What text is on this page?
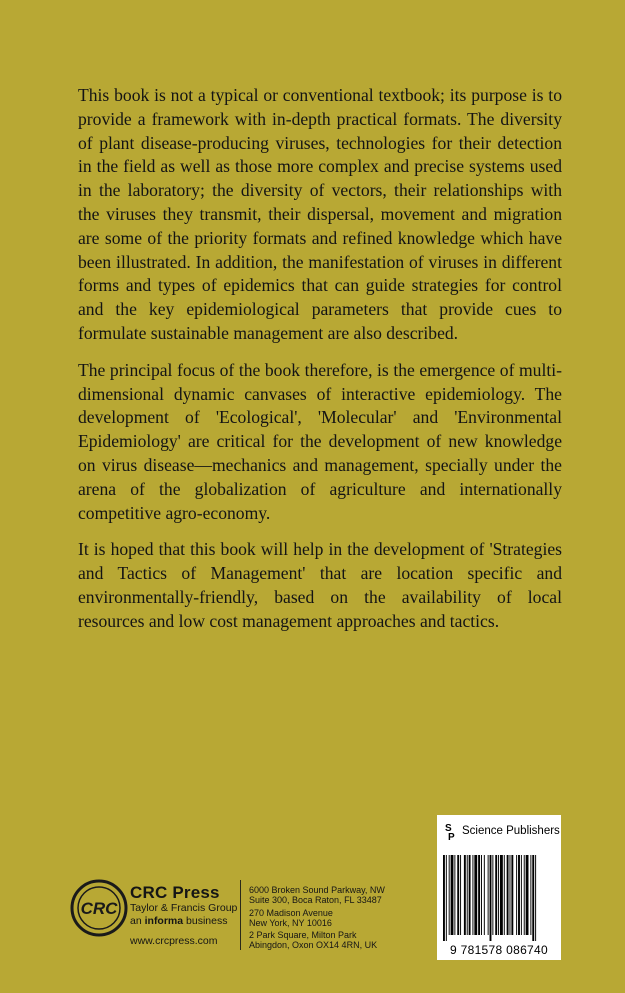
This book is not a typical or conventional textbook; its purpose is to provide a framework with in-depth practical formats. The diversity of plant disease-producing viruses, technologies for their detection in the field as well as those more complex and precise systems used in the laboratory; the diversity of vectors, their relationships with the viruses they transmit, their dispersal, movement and migration are some of the priority formats and refined knowledge which have been illustrated. In addition, the manifestation of viruses in different forms and types of epidemics that can guide strategies for control and the key epidemiological parameters that provide cues to formulate sustainable management are also described.

The principal focus of the book therefore, is the emergence of multi-dimensional dynamic canvases of interactive epidemiology. The development of 'Ecological', 'Molecular' and 'Environmental Epidemiology' are critical for the development of new knowledge on virus disease—mechanics and management, specially under the arena of the globalization of agriculture and internationally competitive agro-economy.

It is hoped that this book will help in the development of 'Strategies and Tactics of Management' that are location specific and environmentally-friendly, based on the availability of local resources and low cost management approaches and tactics.

CRC
CRC Press
Taylor & Francis Group
an informa business
www.crcpress.com
6000 Broken Sound Parkway, NW
Suite 300, Boca Raton, FL 33487
270 Madison Avenue
New York, NY 10016
2 Park Square, Milton Park
Abingdon, Oxon OX14 4RN, UK
S
P
Science Publishers
9 781578 086740
